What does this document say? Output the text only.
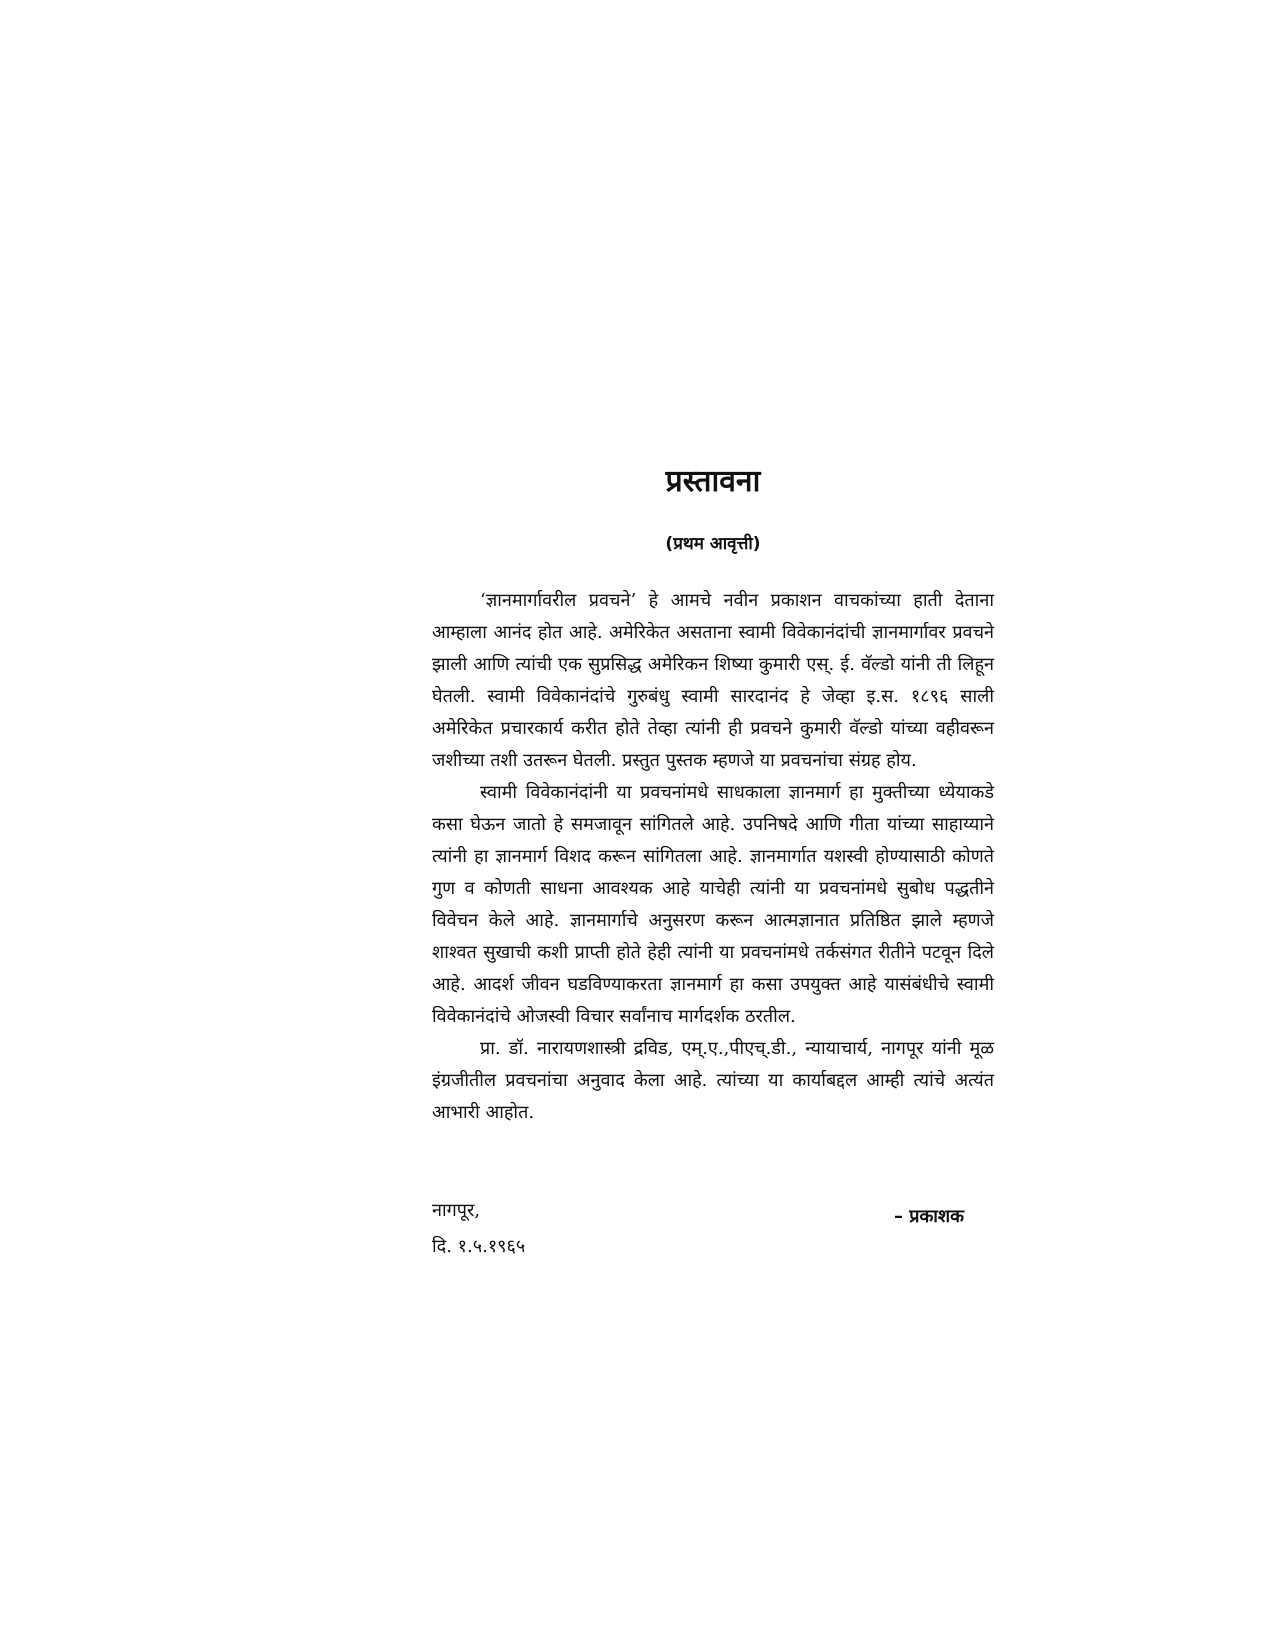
प्रस्तावना
(प्रथम आवृत्ती)

‘ज्ञानमार्गावरील प्रवचने’ हे आमचे नवीन प्रकाशन वाचकांच्या हाती देताना आम्हाला आनंद होत आहे. अमेरिकेत असताना स्वामी विवेकानंदांची ज्ञानमार्गावर प्रवचने झाली आणि त्यांची एक सुप्रसिद्ध अमेरिकन शिष्या कुमारी एस्. ई. वॅल्डो यांनी ती लिहून घेतली. स्वामी विवेकानंदांचे गुरुबंधु स्वामी सारदानंद हे जेव्हा इ.स. १८९६ साली अमेरिकेत प्रचारकार्य करीत होते तेव्हा त्यांनी ही प्रवचने कुमारी वॅल्डो यांच्या वहीवरून जशीच्या तशी उतरून घेतली. प्रस्तुत पुस्तक म्हणजे या प्रवचनांचा संग्रह होय.

स्वामी विवेकानंदांनी या प्रवचनांमधे साधकाला ज्ञानमार्ग हा मुक्तीच्या ध्येयाकडे कसा घेऊन जातो हे समजावून सांगितले आहे. उपनिषदे आणि गीता यांच्या साहाय्याने त्यांनी हा ज्ञानमार्ग विशद करून सांगितला आहे. ज्ञानमार्गात यशस्वी होण्यासाठी कोणते गुण व कोणती साधना आवश्यक आहे याचेही त्यांनी या प्रवचनांमधे सुबोध पद्धतीने विवेचन केले आहे. ज्ञानमार्गाचे अनुसरण करून आत्मज्ञानात प्रतिष्ठित झाले म्हणजे शाश्वत सुखाची कशी प्राप्ती होते हेही त्यांनी या प्रवचनांमधे तर्कसंगत रीतीने पटवून दिले आहे. आदर्श जीवन घडविण्याकरता ज्ञानमार्ग हा कसा उपयुक्त आहे यासंबंधीचे स्वामी विवेकानंदांचे ओजस्वी विचार सर्वांनाच मार्गदर्शक ठरतील.

प्रा. डॉ. नारायणशास्त्री द्रविड, एम्.ए.,पीएच्.डी., न्यायाचार्य, नागपूर यांनी मूळ इंग्रजीतील प्रवचनांचा अनुवाद केला आहे. त्यांच्या या कार्याबद्दल आम्ही त्यांचे अत्यंत आभारी आहोत.

नागपूर,
दि. १.५.१९६५
– प्रकाशक
